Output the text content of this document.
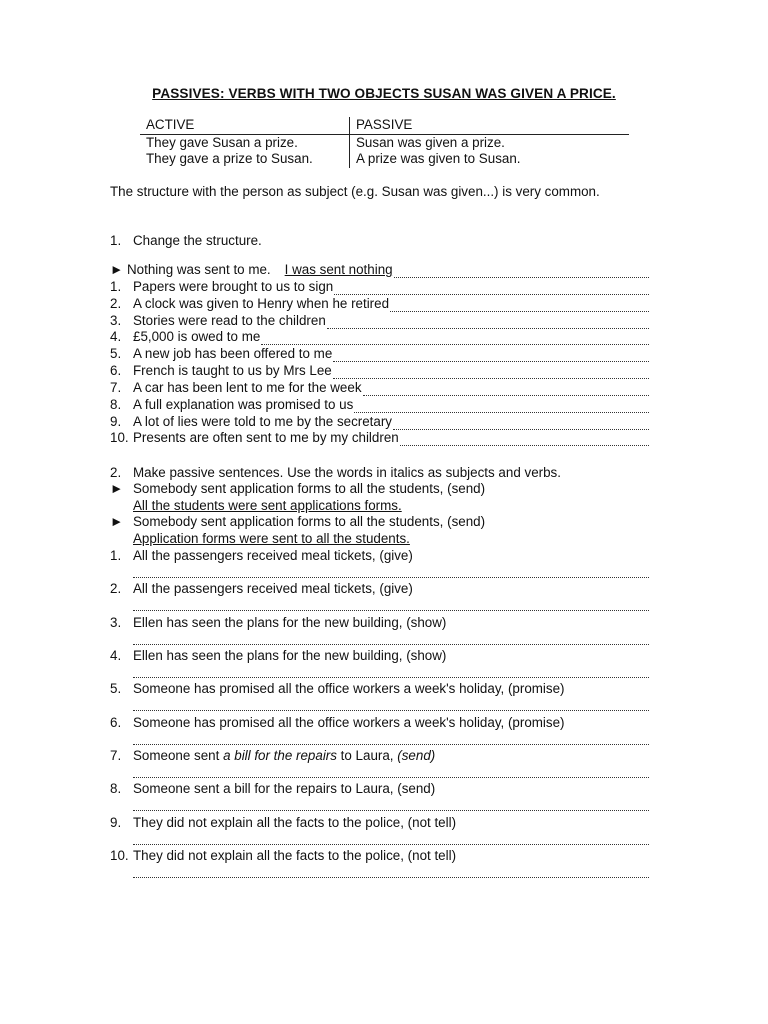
PASSIVES: VERBS WITH TWO OBJECTS SUSAN WAS GIVEN A PRICE.
ACTIVE	PASSIVE
They gave Susan a prize.	Susan was given a prize.
They gave a prize to Susan.	A prize was given to Susan.
The structure with the person as subject (e.g. Susan was given...) is very common.
1. Change the structure.
► Nothing was sent to me. I was sent nothing
1. Papers were brought to us to sign
2. A clock was given to Henry when he retired
3. Stories were read to the children
4. £5,000 is owed to me
5. A new job has been offered to me
6. French is taught to us by Mrs Lee
7. A car has been lent to me for the week
8. A full explanation was promised to us
9. A lot of lies were told to me by the secretary
10. Presents are often sent to me by my children
2. Make passive sentences. Use the words in italics as subjects and verbs.
► Somebody sent application forms to all the students, (send)
All the students were sent applications forms.
► Somebody sent application forms to all the students, (send)
Application forms were sent to all the students.
1. All the passengers received meal tickets, (give)
2. All the passengers received meal tickets, (give)
3. Ellen has seen the plans for the new building, (show)
4. Ellen has seen the plans for the new building, (show)
5. Someone has promised all the office workers a week's holiday, (promise)
6. Someone has promised all the office workers a week's holiday, (promise)
7. Someone sent a bill for the repairs to Laura, (send)
8. Someone sent a bill for the repairs to Laura, (send)
9. They did not explain all the facts to the police, (not tell)
10. They did not explain all the facts to the police, (not tell)
